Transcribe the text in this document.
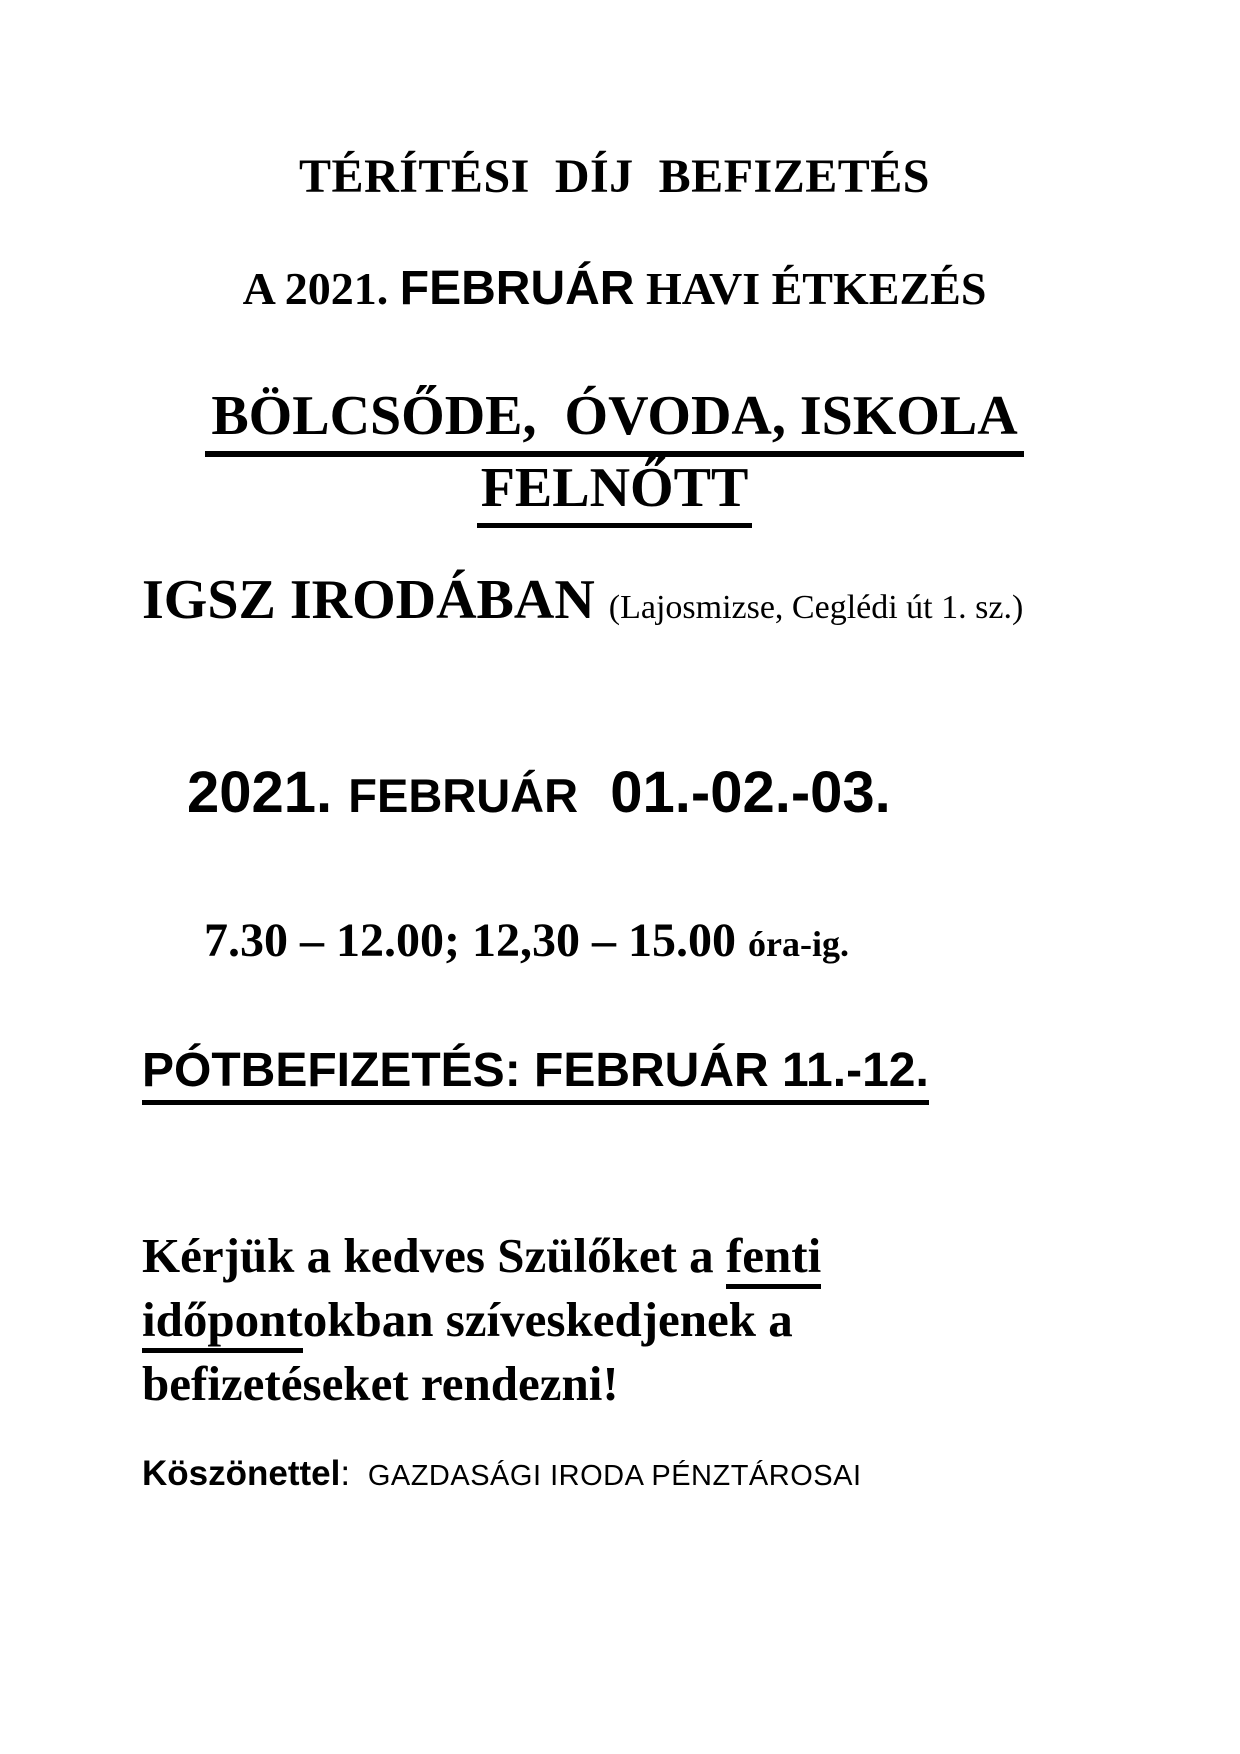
TÉRÍTÉSI  DÍJ  BEFIZETÉS
A 2021. FEBRUÁR HAVI ÉTKEZÉS
BÖLCSŐDE,  ÓVODA, ISKOLA
FELNŐTT
IGSZ IRODÁBAN (Lajosmizse, Ceglédi út 1. sz.)
2021. FEBRUÁR  01.-02.-03.
7.30 – 12.00; 12,30 – 15.00 óra-ig.
PÓTBEFIZETÉS: FEBRUÁR 11.-12.
Kérjük a kedves Szülőket a fenti
időpontokban szíveskedjenek a
befizetéseket rendezni!
Köszönettel: GAZDASÁGI IRODA PÉNZTÁROSAI
